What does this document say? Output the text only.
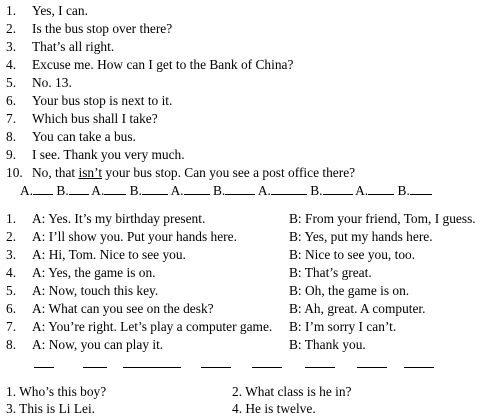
1.	Yes, I can.
2.	Is the bus stop over there?
3.	That’s all right.
4.	Excuse me. How can I get to the Bank of China?
5.	No. 13.
6.	Your bus stop is next to it.
7.	Which bus shall I take?
8.	You can take a bus.
9.	I see. Thank you very much.
10. No, that isn’t your bus stop. Can you see a post office there?
A. B. A. B. A. B. A.	B. A. B.
1.	A: Yes. It’s my birthday present.	B: From your friend, Tom, I guess.
2.	A: I’ll show you. Put your hands here.	B: Yes, put my hands here.
3.	A: Hi, Tom. Nice to see you.	B: Nice to see you, too.
4.	A: Yes, the game is on.	B: That’s great.
5.	A: Now, touch this key.	B: Oh, the game is on.
6.	A: What can you see on the desk?	B: Ah, great. A computer.
7.	A: You’re right. Let’s play a computer game. B: I’m sorry I can’t.
8.	A: Now, you can play it.	B: Thank you.
1. Who’s this boy?	2. What class is he in?
3. This is Li Lei.	4. He is twelve.
